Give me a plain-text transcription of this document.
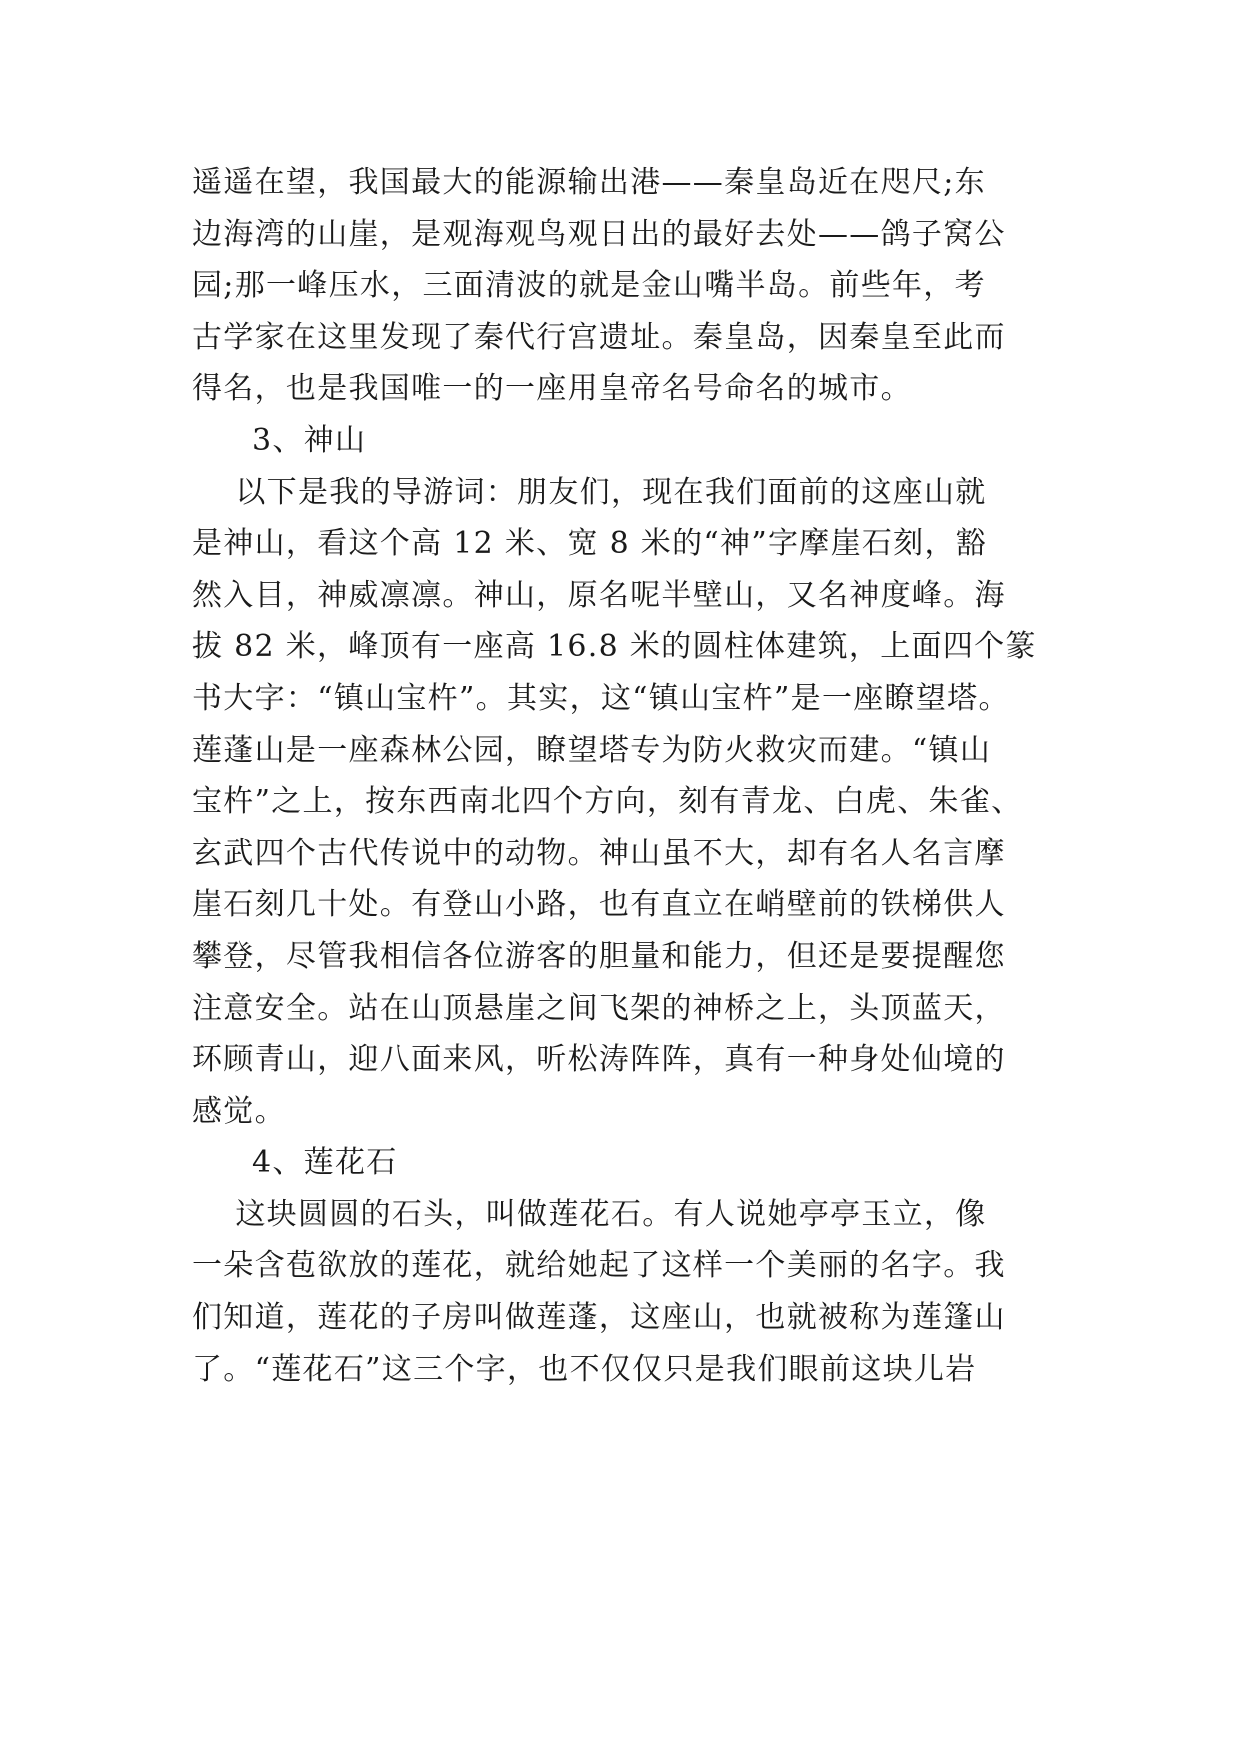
遥遥在望，我国最大的能源输出港——秦皇岛近在咫尺;东
边海湾的山崖，是观海观鸟观日出的最好去处——鸽子窝公
园;那一峰压水，三面清波的就是金山嘴半岛。前些年，考
古学家在这里发现了秦代行宫遗址。秦皇岛，因秦皇至此而
得名，也是我国唯一的一座用皇帝名号命名的城市。
3、神山
以下是我的导游词：朋友们，现在我们面前的这座山就
是神山，看这个高 12 米、宽 8 米的“神”字摩崖石刻，豁
然入目，神威凛凛。神山，原名呢半壁山，又名神度峰。海
拔 82 米，峰顶有一座高 16.8 米的圆柱体建筑，上面四个篆
书大字：“镇山宝杵”。其实，这“镇山宝杵”是一座瞭望塔。
莲蓬山是一座森林公园，瞭望塔专为防火救灾而建。“镇山
宝杵”之上，按东西南北四个方向，刻有青龙、白虎、朱雀、
玄武四个古代传说中的动物。神山虽不大，却有名人名言摩
崖石刻几十处。有登山小路，也有直立在峭壁前的铁梯供人
攀登，尽管我相信各位游客的胆量和能力，但还是要提醒您
注意安全。站在山顶悬崖之间飞架的神桥之上，头顶蓝天，
环顾青山，迎八面来风，听松涛阵阵，真有一种身处仙境的
感觉。
4、莲花石
这块圆圆的石头，叫做莲花石。有人说她亭亭玉立，像
一朵含苞欲放的莲花，就给她起了这样一个美丽的名字。我
们知道，莲花的子房叫做莲蓬，这座山，也就被称为莲篷山
了。“莲花石”这三个字，也不仅仅只是我们眼前这块儿岩
